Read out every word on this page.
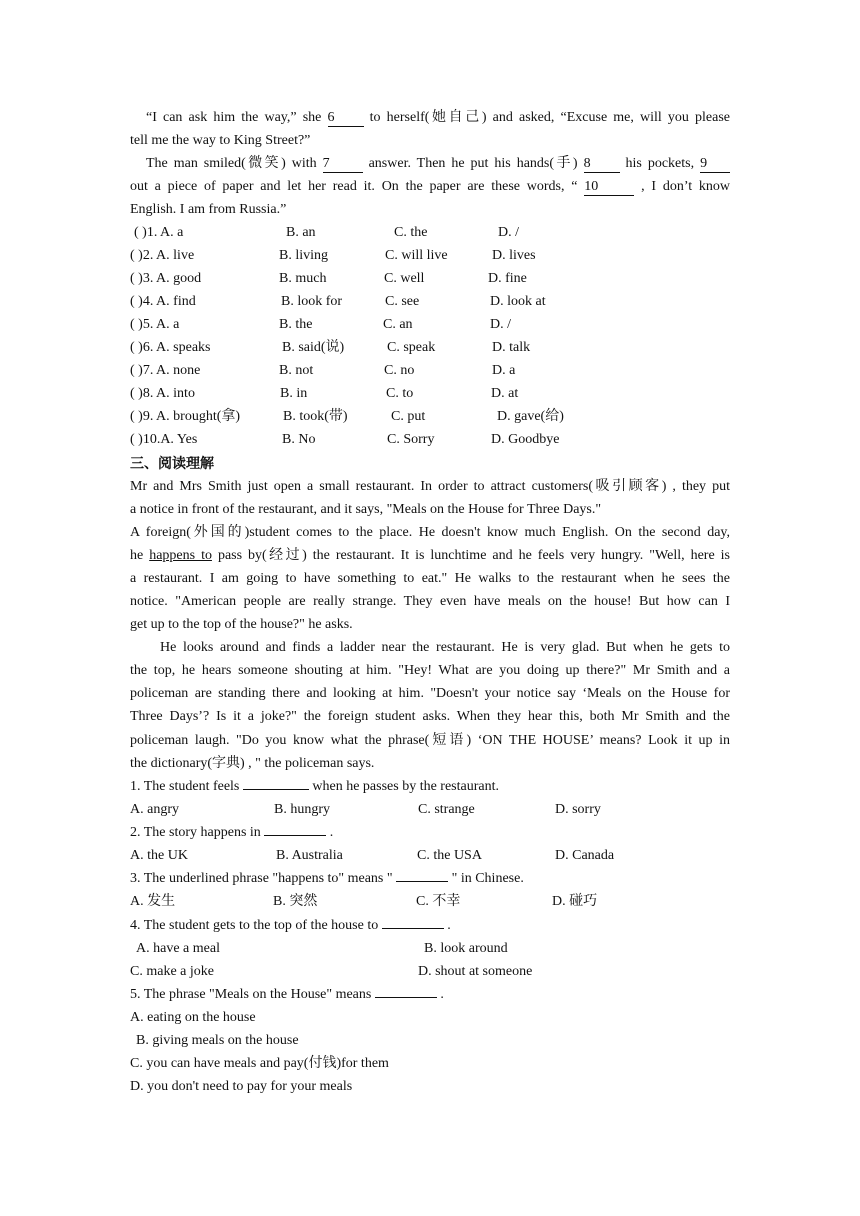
“I can ask him the way,” she 6	to herself(她自己) and asked, “Excuse me, will you please
tell me the way to King Street?”
The man smiled(微笑) with 7	answer. Then he put his hands(手) 8 his pockets, 9
out a piece of paper and let her read it. On the paper are these words, “ 10	, I don’t know
English. I am from Russia.”
( )1. A. a	B. an	C. the	D. /
( )2. A. live	B. living	C. will live	D. lives
( )3. A. good	B. much	C. well	D. fine
( )4. A. find	B. look for	C. see	D. look at
( )5. A. a	B. the	C. an	D. /
( )6. A. speaks	B. said(说)	C. speak	D. talk
( )7. A. none	B. not	C. no	D. a
( )8. A. into	B. in	C. to	D. at
( )9. A. brought(拿)	B. took(带)	C. put	D. gave(给)
( )10.A. Yes	B. No	C. Sorry	D. Goodbye
三、阅读理解
Mr and Mrs Smith just open a small restaurant. In order to attract customers(吸引顾客) , they put
a notice in front of the restaurant, and it says, "Meals on the House for Three Days."
A foreign(外国的)student comes to the place. He doesn't know much English. On the second day,
he happens to pass by(经过) the restaurant. It is lunchtime and he feels very hungry. "Well, here is
a restaurant. I am going to have something to eat." He walks to the restaurant when he sees the
notice. "American people are really strange. They even have meals on the house! But how can I
get up to the top of the house?" he asks.
He looks around and finds a ladder near the restaurant. He is very glad. But when he gets to
the top, he hears someone shouting at him. "Hey! What are you doing up there?" Mr Smith and a
policeman are standing there and looking at him. "Doesn't your notice say ‘Meals on the House for
Three Days’? Is it a joke?" the foreign student asks. When they hear this, both Mr Smith and the
policeman laugh. "Do you know what the phrase(短语) ‘ON THE HOUSE’ means? Look it up in
the dictionary(字典) , " the policeman says.
1. The student feels	when he passes by the restaurant.
A. angry	B. hungry	C. strange	D. sorry
2. The story happens in	.
A. the UK	B. Australia	C. the USA	D. Canada
3. The underlined phrase "happens to" means "	" in Chinese.
A. 发生	B. 突然	C. 不幸	D. 碰巧
4. The student gets to the top of the house to	.
A. have a meal	B. look around
C. make a joke	D. shout at someone
5. The phrase "Meals on the House" means	.
A. eating on the house
B. giving meals on the house
C. you can have meals and pay(付钱)for them
D. you don't need to pay for your meals
